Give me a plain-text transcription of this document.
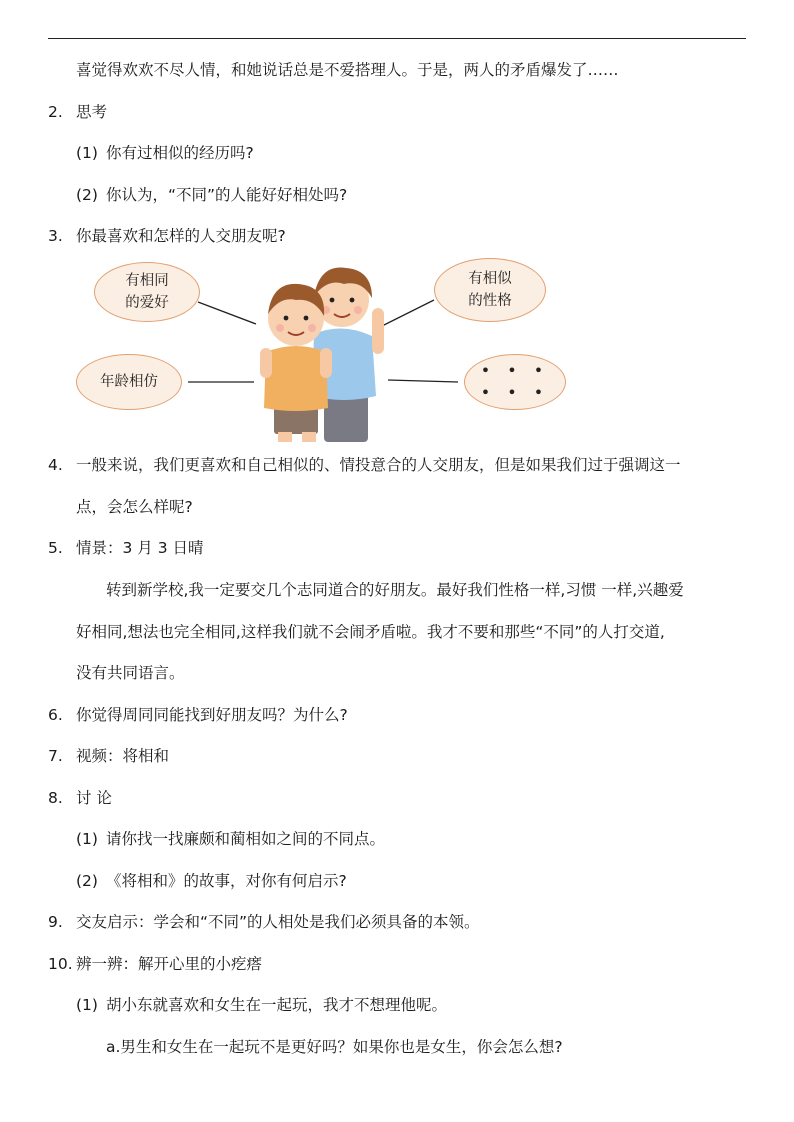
喜觉得欢欢不尽人情，和她说话总是不爱搭理人。于是，两人的矛盾爆发了……
2. 思考
(1) 你有过相似的经历吗?
(2) 你认为，“不同”的人能好好相处吗?
3. 你最喜欢和怎样的人交朋友呢?
有相同
的爱好
有相似
的性格
年龄相仿
• • •
• • •
4. 一般来说，我们更喜欢和自己相似的、情投意合的人交朋友，但是如果我们过于强调这一
点，会怎么样呢?
5. 情景：3 月 3 日晴
转到新学校,我一定要交几个志同道合的好朋友。最好我们性格一样,习惯 一样,兴趣爱
好相同,想法也完全相同,这样我们就不会闹矛盾啦。我才不要和那些“不同”的人打交道,
没有共同语言。
6. 你觉得周同同能找到好朋友吗？为什么?
7. 视频：将相和
8. 讨 论
(1) 请你找一找廉颇和蔺相如之间的不同点。
(2) 《将相和》的故事，对你有何启示?
9. 交友启示：学会和“不同”的人相处是我们必须具备的本领。
10. 辨一辨：解开心里的小疙瘩
(1) 胡小东就喜欢和女生在一起玩，我才不想理他呢。
a.男生和女生在一起玩不是更好吗？如果你也是女生，你会怎么想?
